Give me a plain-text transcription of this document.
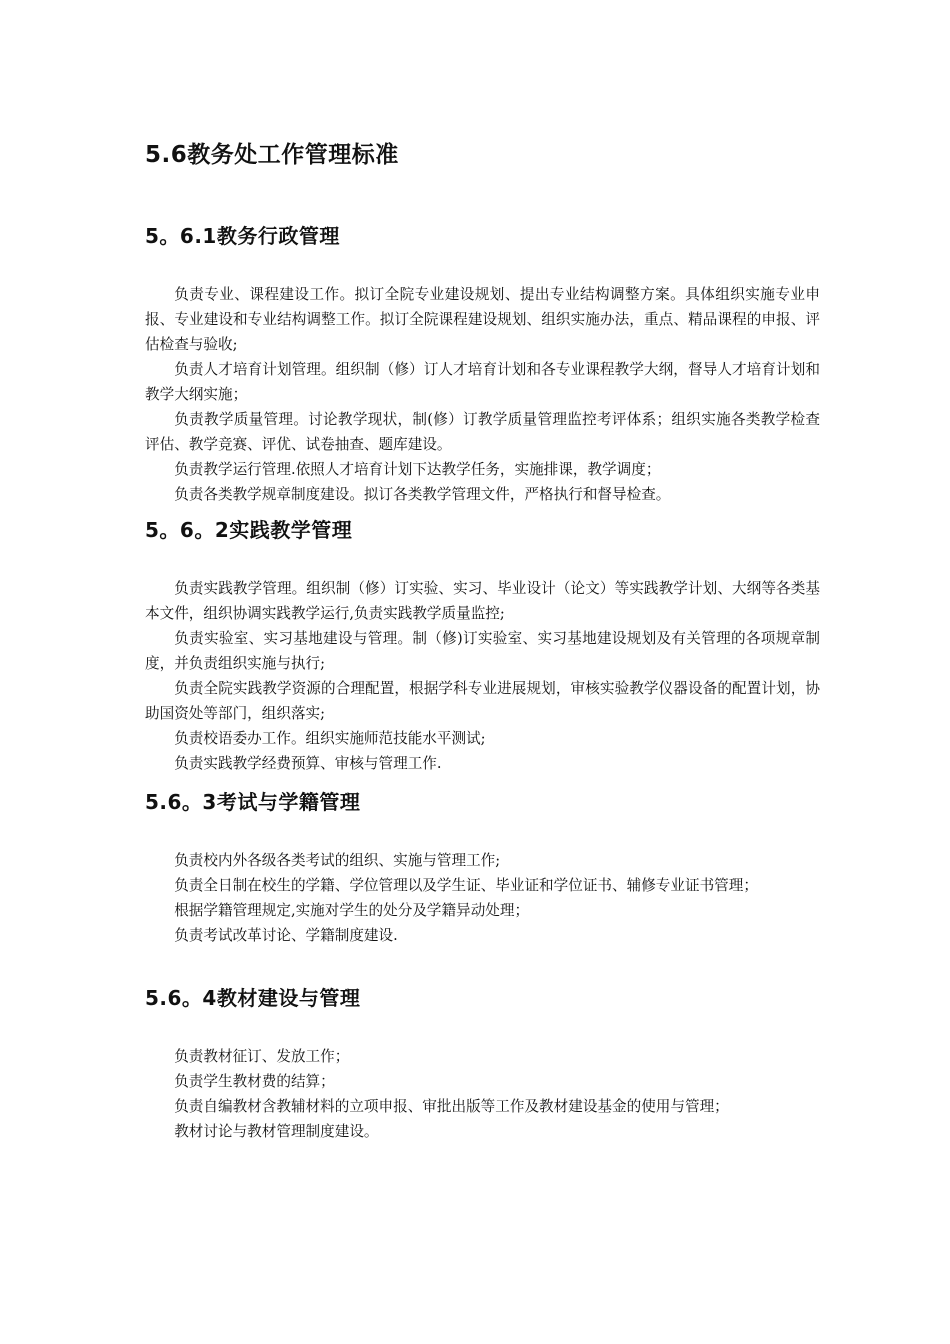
5.6教务处工作管理标准
5。6.1教务行政管理

负责专业、课程建设工作。拟订全院专业建设规划、提出专业结构调整方案。具体组织实施专业申报、专业建设和专业结构调整工作。拟订全院课程建设规划、组织实施办法，重点、精品课程的申报、评估检查与验收;

负责人才培育计划管理。组织制（修）订人才培育计划和各专业课程教学大纲，督导人才培育计划和教学大纲实施；

负责教学质量管理。讨论教学现状，制(修）订教学质量管理监控考评体系；组织实施各类教学检查评估、教学竞赛、评优、试卷抽查、题库建设。

负责教学运行管理.依照人才培育计划下达教学任务，实施排课，教学调度；

负责各类教学规章制度建设。拟订各类教学管理文件，严格执行和督导检查。

5。6。2实践教学管理

负责实践教学管理。组织制（修）订实验、实习、毕业设计（论文）等实践教学计划、大纲等各类基本文件，组织协调实践教学运行,负责实践教学质量监控;

负责实验室、实习基地建设与管理。制（修)订实验室、实习基地建设规划及有关管理的各项规章制度，并负责组织实施与执行;

负责全院实践教学资源的合理配置，根据学科专业进展规划，审核实验教学仪器设备的配置计划，协助国资处等部门，组织落实;

负责校语委办工作。组织实施师范技能水平测试;

负责实践教学经费预算、审核与管理工作.

5.6。3考试与学籍管理

负责校内外各级各类考试的组织、实施与管理工作;

负责全日制在校生的学籍、学位管理以及学生证、毕业证和学位证书、辅修专业证书管理；

根据学籍管理规定,实施对学生的处分及学籍异动处理；

负责考试改革讨论、学籍制度建设.

5.6。4教材建设与管理

负责教材征订、发放工作；

负责学生教材费的结算；

负责自编教材含教辅材料的立项申报、审批出版等工作及教材建设基金的使用与管理；

教材讨论与教材管理制度建设。
